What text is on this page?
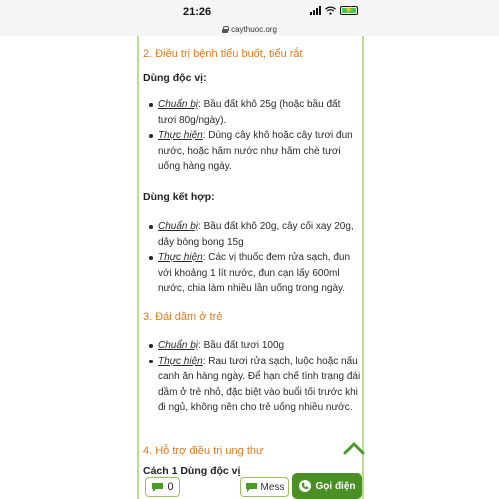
21:26	⚡
caythuoc.org
2. Điều trị bệnh tiểu buốt, tiểu rắt
Dùng độc vị:
Chuẩn bị: Bầu đất khô 25g (hoặc bầu đất tươi 80g/ngày).
Thực hiện: Dùng cây khô hoặc cây tươi đun nước, hoặc hãm nước như hãm chè tươi uống hàng ngày.
Dùng kết hợp:
Chuẩn bị: Bầu đất khô 20g, cây cối xay 20g, dây bòng bong 15g
Thực hiện: Các vị thuốc đem rửa sạch, đun với khoảng 1 lít nước, đun cạn lấy 600ml nước, chia làm nhiều lần uống trong ngày.
3. Đái dầm ở trẻ
Chuẩn bị: Bầu đất tươi 100g
Thực hiện: Rau tươi rửa sạch, luộc hoặc nấu canh ăn hàng ngày. Để hạn chế tình trạng đái dầm ở trẻ nhỏ, đặc biệt vào buổi tối trước khi đi ngủ, không nên cho trẻ uống nhiều nước.
4. Hỗ trợ điều trị ung thư
Cách 1 Dùng độc vị
0	Mess	Gọi điện
